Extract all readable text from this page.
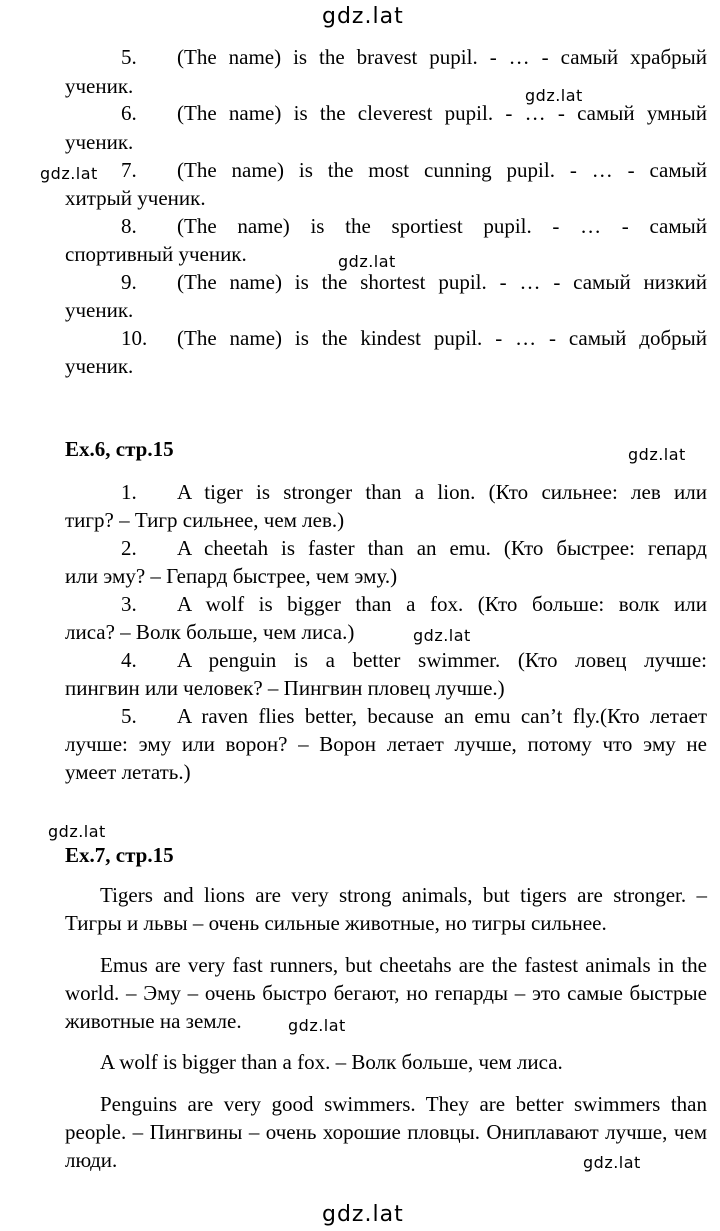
gdz.lat
gdz.lat
gdz.lat
gdz.lat
gdz.lat
gdz.lat
gdz.lat
gdz.lat
gdz.lat
gdz.lat
5. (The name) is the bravest pupil. - … - самый храбрый
ученик.
6. (The name) is the cleverest pupil. - … - самый умный
ученик.
7. (The name) is the most cunning pupil. - … - самый
хитрый ученик.
8. (The name) is the sportiest pupil. - … - самый
спортивный ученик.
9. (The name) is the shortest pupil. - … - самый низкий
ученик.
10. (The name) is the kindest pupil. - … - самый добрый
ученик.
Ex.6, стр.15
1. A tiger is stronger than a lion. (Кто сильнее: лев или
тигр? – Тигр сильнее, чем лев.)
2. A cheetah is faster than an emu. (Кто быстрее: гепард
или эму? – Гепард быстрее, чем эму.)
3. A wolf is bigger than a fox. (Кто больше: волк или
лиса? – Волк больше, чем лиса.)
4. A penguin is a better swimmer. (Кто ловец лучше:
пингвин или человек? – Пингвин пловец лучше.)
5. A raven flies better, because an emu can’t fly.(Кто летает
лучше: эму или ворон? – Ворон летает лучше, потому что эму не
умеет летать.)
Ex.7, стр.15
Tigers and lions are very strong animals, but tigers are stronger. –
Тигры и львы – очень сильные животные, но тигры сильнее.
Emus are very fast runners, but cheetahs are the fastest animals in the
world. – Эму – очень быстро бегают, но гепарды – это самые быстрые
животные на земле.
A wolf is bigger than a fox. – Волк больше, чем лиса.
Penguins are very good swimmers. They are better swimmers than
people. – Пингвины – очень хорошие пловцы. Ониплавают лучше, чем
люди.
